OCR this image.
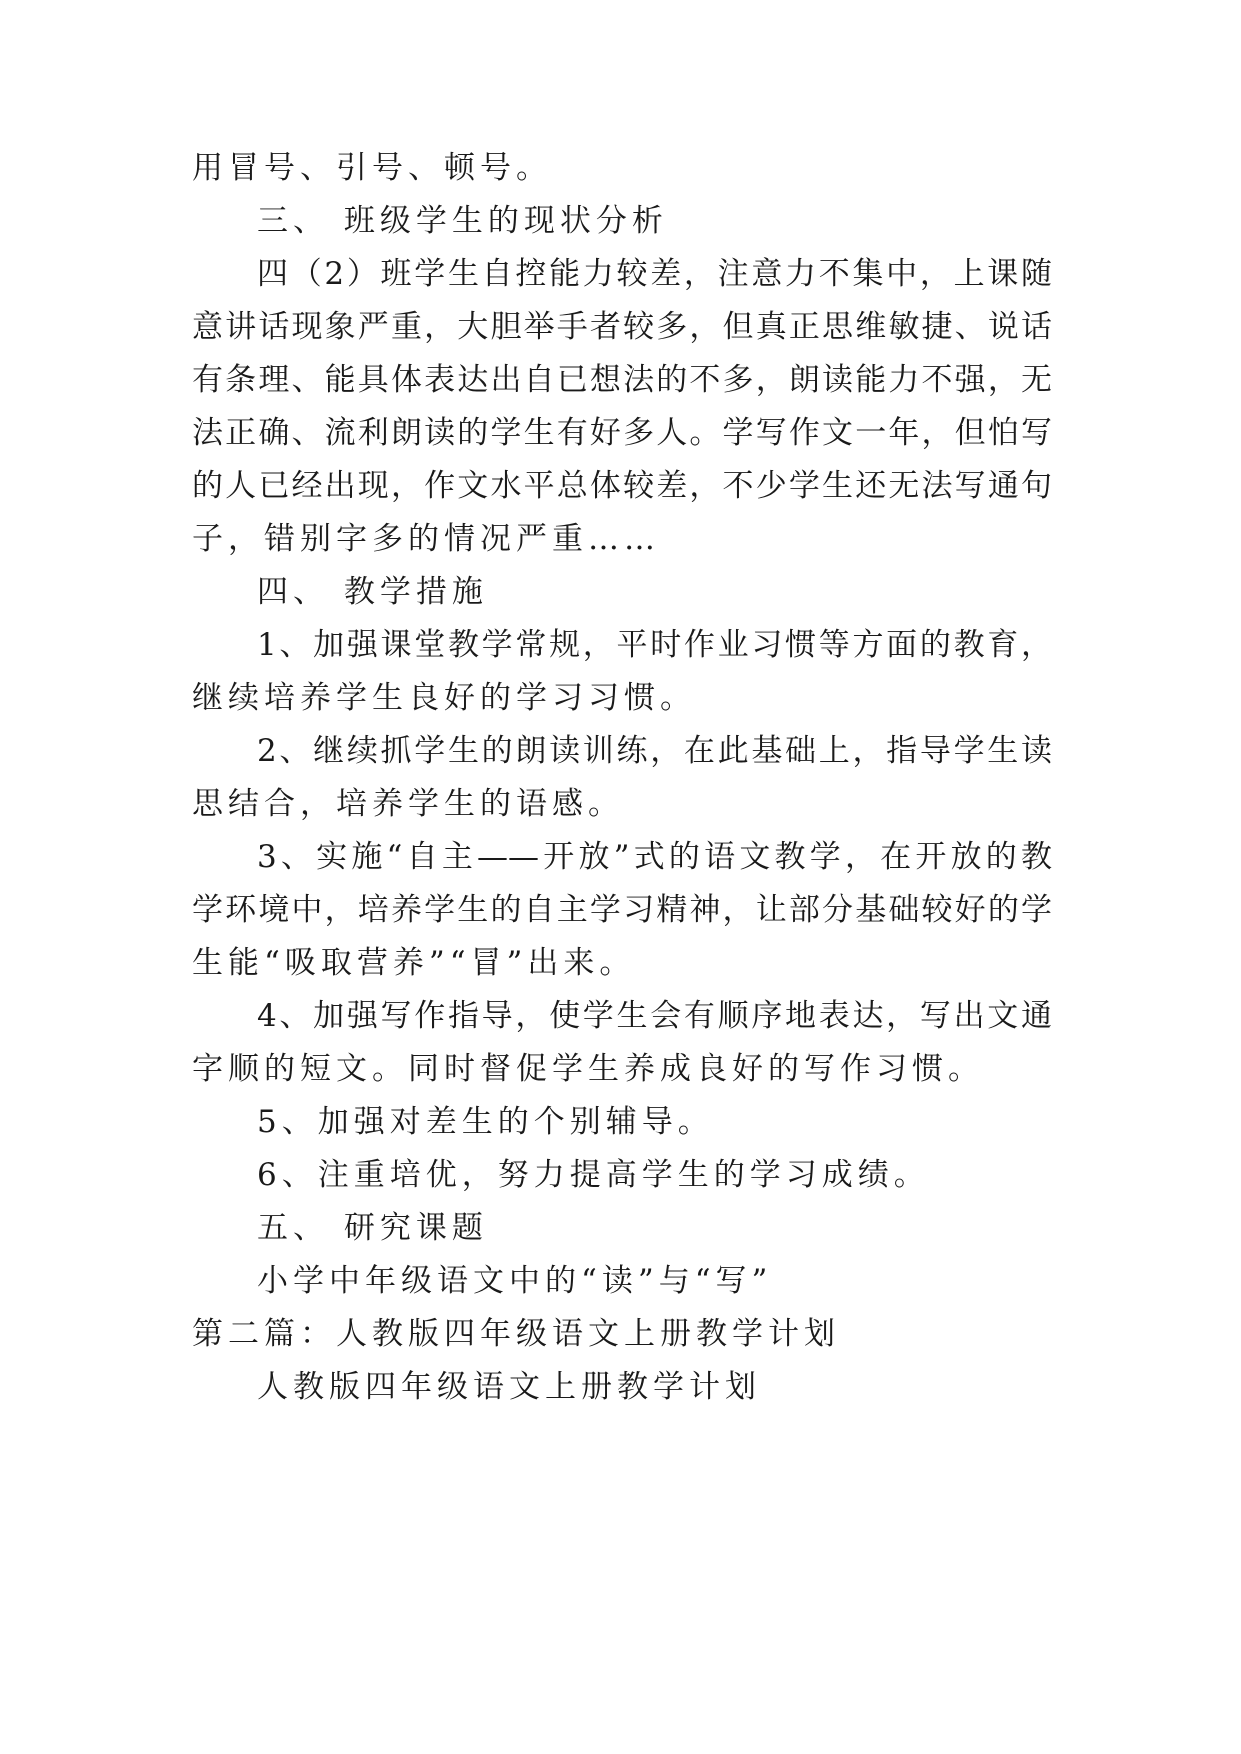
用冒号、引号、顿号。
三、 班级学生的现状分析
四（2）班学生自控能力较差，注意力不集中，上课随
意讲话现象严重，大胆举手者较多，但真正思维敏捷、说话
有条理、能具体表达出自已想法的不多，朗读能力不强，无
法正确、流利朗读的学生有好多人。学写作文一年，但怕写
的人已经出现，作文水平总体较差，不少学生还无法写通句
子，错别字多的情况严重……
四、 教学措施
1、加强课堂教学常规，平时作业习惯等方面的教育，
继续培养学生良好的学习习惯。
2、继续抓学生的朗读训练，在此基础上，指导学生读
思结合，培养学生的语感。
3、实施“自主——开放”式的语文教学，在开放的教
学环境中，培养学生的自主学习精神，让部分基础较好的学
生能“吸取营养”“冒”出来。
4、加强写作指导，使学生会有顺序地表达，写出文通
字顺的短文。同时督促学生养成良好的写作习惯。
5、加强对差生的个别辅导。
6、注重培优，努力提高学生的学习成绩。
五、 研究课题
小学中年级语文中的“读”与“写”
第二篇：人教版四年级语文上册教学计划
人教版四年级语文上册教学计划
